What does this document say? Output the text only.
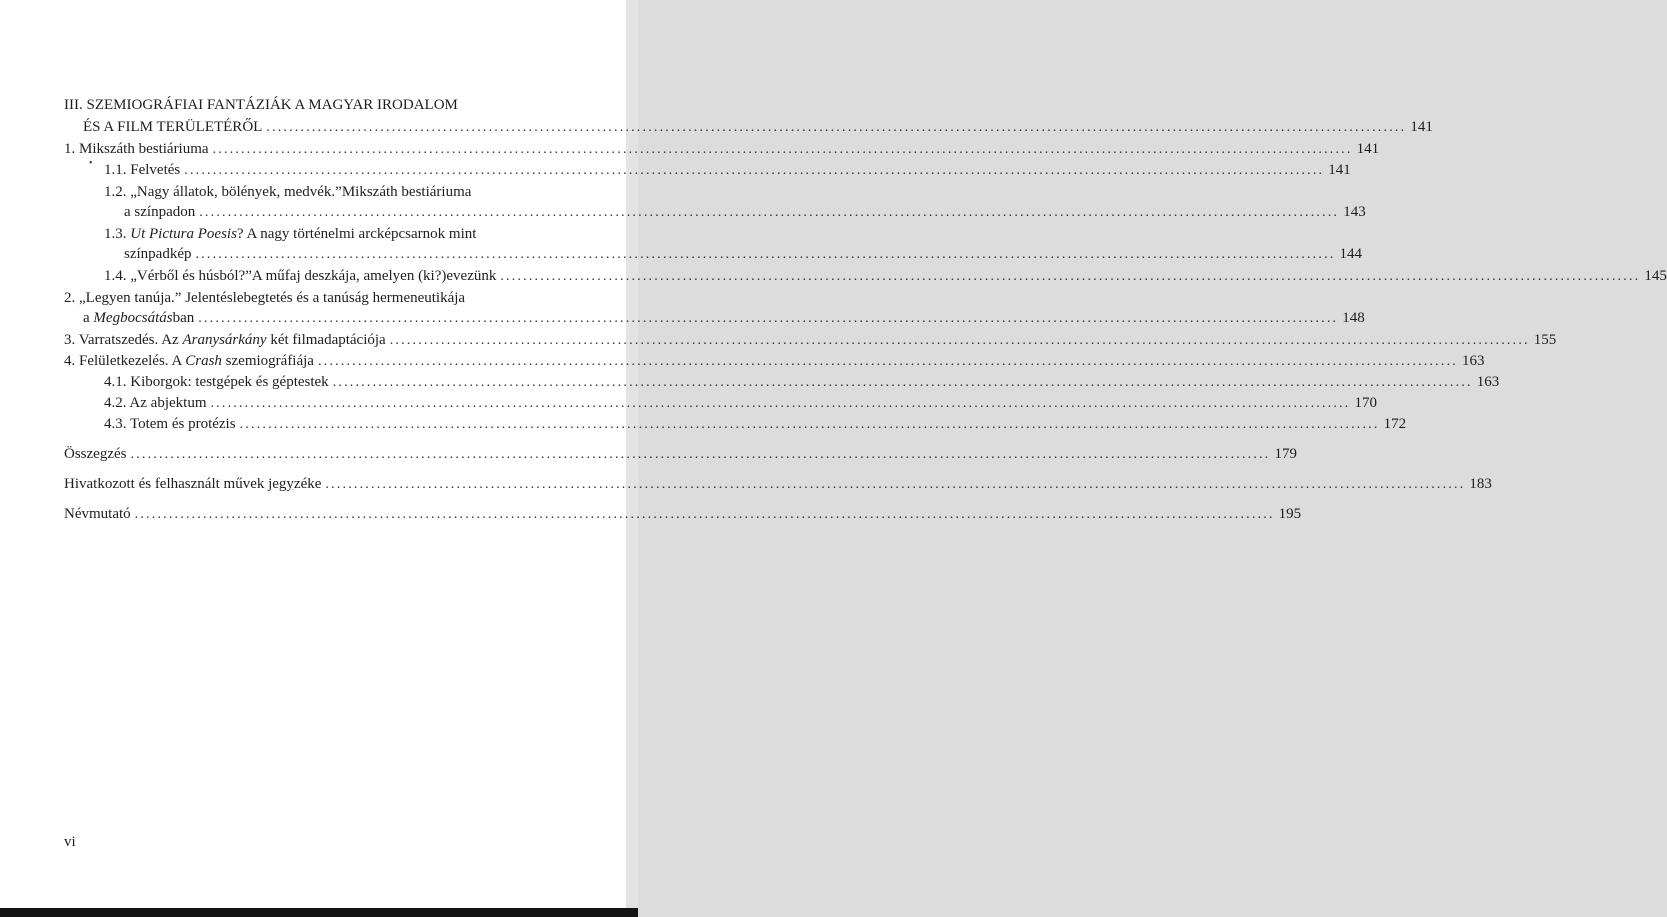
III. SZEMIOGRÁFIAI FANTÁZIÁK A MAGYAR IRODALOM
•
ÉS A FILM TERÜLETÉRŐL ........................................................................................................................................................................................................ 141
1. Mikszáth bestiáriuma ........................................................................................................................................................................................................ 141
1.1. Felvetés ........................................................................................................................................................................................................ 141
1.2. „Nagy állatok, bölények, medvék.”Mikszáth bestiáriuma
a színpadon ........................................................................................................................................................................................................ 143
1.3. Ut Pictura Poesis? A nagy történelmi arcképcsarnok mint
színpadkép ........................................................................................................................................................................................................ 144
1.4. „Vérből és húsból?”A műfaj deszkája, amelyen (ki?)evezünk ........................................................................................................................................................................................................ 145
2. „Legyen tanúja.” Jelentéslebegtetés és a tanúság hermeneutikája
a Megbocsátásban ........................................................................................................................................................................................................ 148
3. Varratszedés. Az Aranysárkány két filmadaptációja ........................................................................................................................................................................................................ 155
4. Felületkezelés. A Crash szemiográfiája ........................................................................................................................................................................................................ 163
4.1. Kiborgok: testgépek és géptestek ........................................................................................................................................................................................................ 163
4.2. Az abjektum ........................................................................................................................................................................................................ 170
4.3. Totem és protézis ........................................................................................................................................................................................................ 172
Összegzés ........................................................................................................................................................................................................ 179
Hivatkozott és felhasznált művek jegyzéke ........................................................................................................................................................................................................ 183
Névmutató ........................................................................................................................................................................................................ 195
vi
